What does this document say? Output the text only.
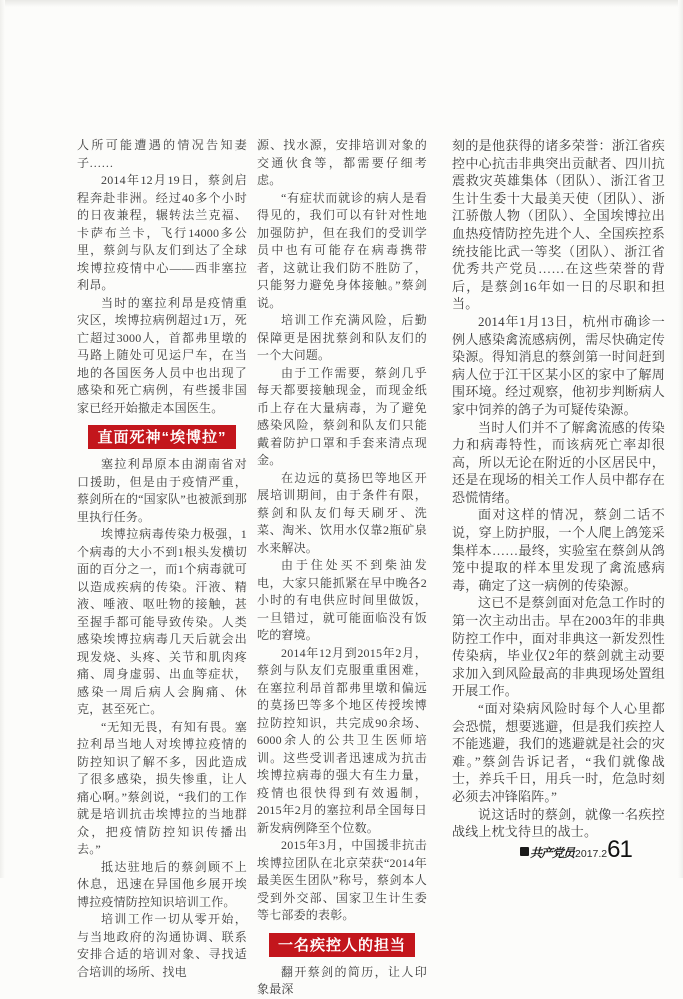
人所可能遭遇的情况告知妻子……

2014年12月19日，蔡剑启程奔赴非洲。经过40多个小时的日夜兼程，辗转法兰克福、卡萨布兰卡，飞行14000多公里，蔡剑与队友们到达了全球埃博拉疫情中心——西非塞拉利昂。

当时的塞拉利昂是疫情重灾区，埃博拉病例超过1万，死亡超过3000人，首都弗里墩的马路上随处可见运尸车，在当地的各国医务人员中也出现了感染和死亡病例，有些援非国家已经开始撤走本国医生。

直面死神“埃博拉”

塞拉利昂原本由湖南省对口援助，但是由于疫情严重，蔡剑所在的“国家队”也被派到那里执行任务。

埃博拉病毒传染力极强，1个病毒的大小不到1根头发横切面的百分之一，而1个病毒就可以造成疾病的传染。汗液、精液、唾液、呕吐物的接触，甚至握手都可能导致传染。人类感染埃博拉病毒几天后就会出现发烧、头疼、关节和肌肉疼痛、周身虚弱、出血等症状，感染一周后病人会胸痛、休克，甚至死亡。

“无知无畏，有知有畏。塞拉利昂当地人对埃博拉疫情的防控知识了解不多，因此造成了很多感染，损失惨重，让人痛心啊。”蔡剑说，“我们的工作就是培训抗击埃博拉的当地群众，把疫情防控知识传播出去。”

抵达驻地后的蔡剑顾不上休息，迅速在异国他乡展开埃博拉疫情防控知识培训工作。

培训工作一切从零开始，与当地政府的沟通协调、联系安排合适的培训对象、寻找适合培训的场所、找电

源、找水源，安排培训对象的交通伙食等，都需要仔细考虑。

“有症状而就诊的病人是看得见的，我们可以有针对性地加强防护，但在我们的受训学员中也有可能存在病毒携带者，这就让我们防不胜防了，只能努力避免身体接触。”蔡剑说。

培训工作充满风险，后勤保障更是困扰蔡剑和队友们的一个大问题。

由于工作需要，蔡剑几乎每天都要接触现金，而现金纸币上存在大量病毒，为了避免感染风险，蔡剑和队友们只能戴着防护口罩和手套来清点现金。

在边远的莫扬巴等地区开展培训期间，由于条件有限，蔡剑和队友们每天刷牙、洗菜、淘米、饮用水仅靠2瓶矿泉水来解决。

由于住处买不到柴油发电，大家只能抓紧在早中晚各2小时的有电供应时间里做饭，一旦错过，就可能面临没有饭吃的窘境。

2014年12月到2015年2月，蔡剑与队友们克服重重困难，在塞拉利昂首都弗里墩和偏远的莫扬巴等多个地区传授埃博拉防控知识，共完成90余场、6000余人的公共卫生医师培训。这些受训者迅速成为抗击埃博拉病毒的强大有生力量，疫情也很快得到有效遏制，2015年2月的塞拉利昂全国每日新发病例降至个位数。

2015年3月，中国援非抗击埃博拉团队在北京荣获“2014年最美医生团队”称号，蔡剑本人受到外交部、国家卫生计生委等七部委的表彰。

一名疾控人的担当

翻开蔡剑的简历，让人印象最深

刻的是他获得的诸多荣誉：浙江省疾控中心抗击非典突出贡献者、四川抗震救灾英雄集体（团队）、浙江省卫生计生委十大最美天使（团队）、浙江骄傲人物（团队）、全国埃博拉出血热疫情防控先进个人、全国疾控系统技能比武一等奖（团队）、浙江省优秀共产党员……在这些荣誉的背后，是蔡剑16年如一日的尽职和担当。

2014年1月13日，杭州市确诊一例人感染禽流感病例，需尽快确定传染源。得知消息的蔡剑第一时间赶到病人位于江干区某小区的家中了解周围环境。经过观察，他初步判断病人家中饲养的鸽子为可疑传染源。

当时人们并不了解禽流感的传染力和病毒特性，而该病死亡率却很高，所以无论在附近的小区居民中，还是在现场的相关工作人员中都存在恐慌情绪。

面对这样的情况，蔡剑二话不说，穿上防护服，一个人爬上鸽笼采集样本……最终，实验室在蔡剑从鸽笼中提取的样本里发现了禽流感病毒，确定了这一病例的传染源。

这已不是蔡剑面对危急工作时的第一次主动出击。早在2003年的非典防控工作中，面对非典这一新发烈性传染病，毕业仅2年的蔡剑就主动要求加入到风险最高的非典现场处置组开展工作。

“面对染病风险时每个人心里都会恐慌，想要逃避，但是我们疾控人不能逃避，我们的逃避就是社会的灾难。”蔡剑告诉记者，“我们就像战士，养兵千日，用兵一时，危急时刻必须去冲锋陷阵。”

说这话时的蔡剑，就像一名疾控战线上枕戈待旦的战士。

共产党员 2017.2 61
